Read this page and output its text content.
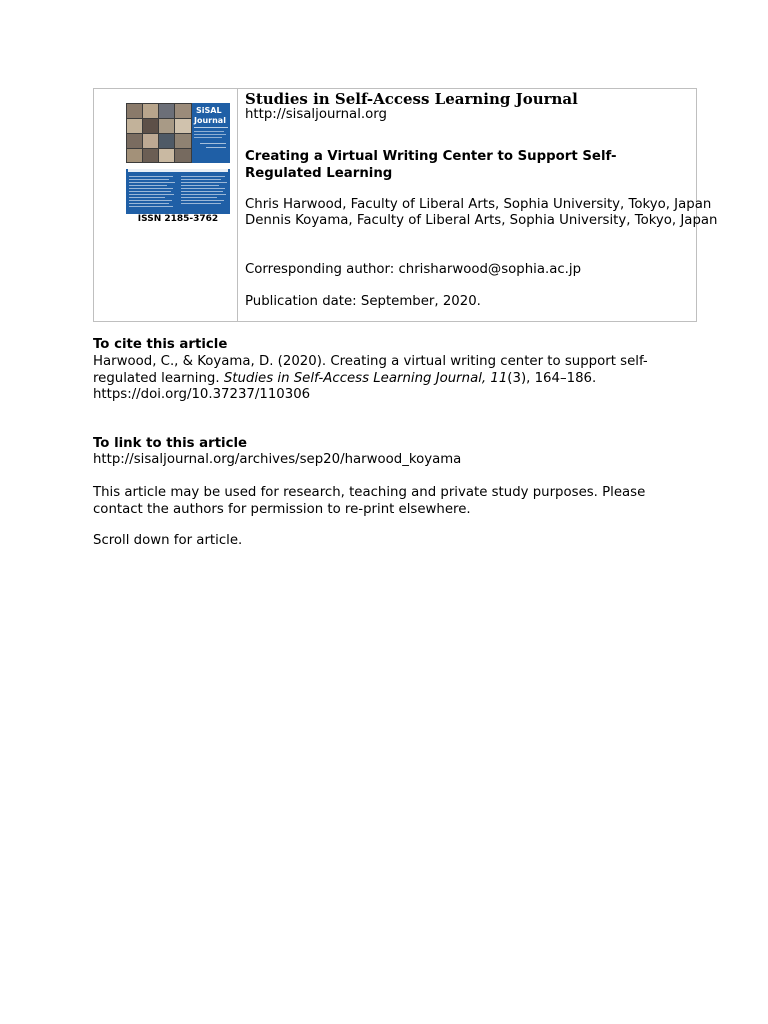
SiSAL
Journal
ISSN 2185-3762
Studies in Self-Access Learning Journal
http://sisaljournal.org
Creating a Virtual Writing Center to Support Self-Regulated Learning
Chris Harwood, Faculty of Liberal Arts, Sophia University, Tokyo, Japan
Dennis Koyama, Faculty of Liberal Arts, Sophia University, Tokyo, Japan
Corresponding author: chrisharwood@sophia.ac.jp
Publication date: September, 2020.
To cite this article
Harwood, C., & Koyama, D. (2020). Creating a virtual writing center to support self-regulated learning. Studies in Self-Access Learning Journal, 11(3), 164–186.
https://doi.org/10.37237/110306
To link to this article
http://sisaljournal.org/archives/sep20/harwood_koyama
This article may be used for research, teaching and private study purposes. Please contact the authors for permission to re-print elsewhere.
Scroll down for article.
